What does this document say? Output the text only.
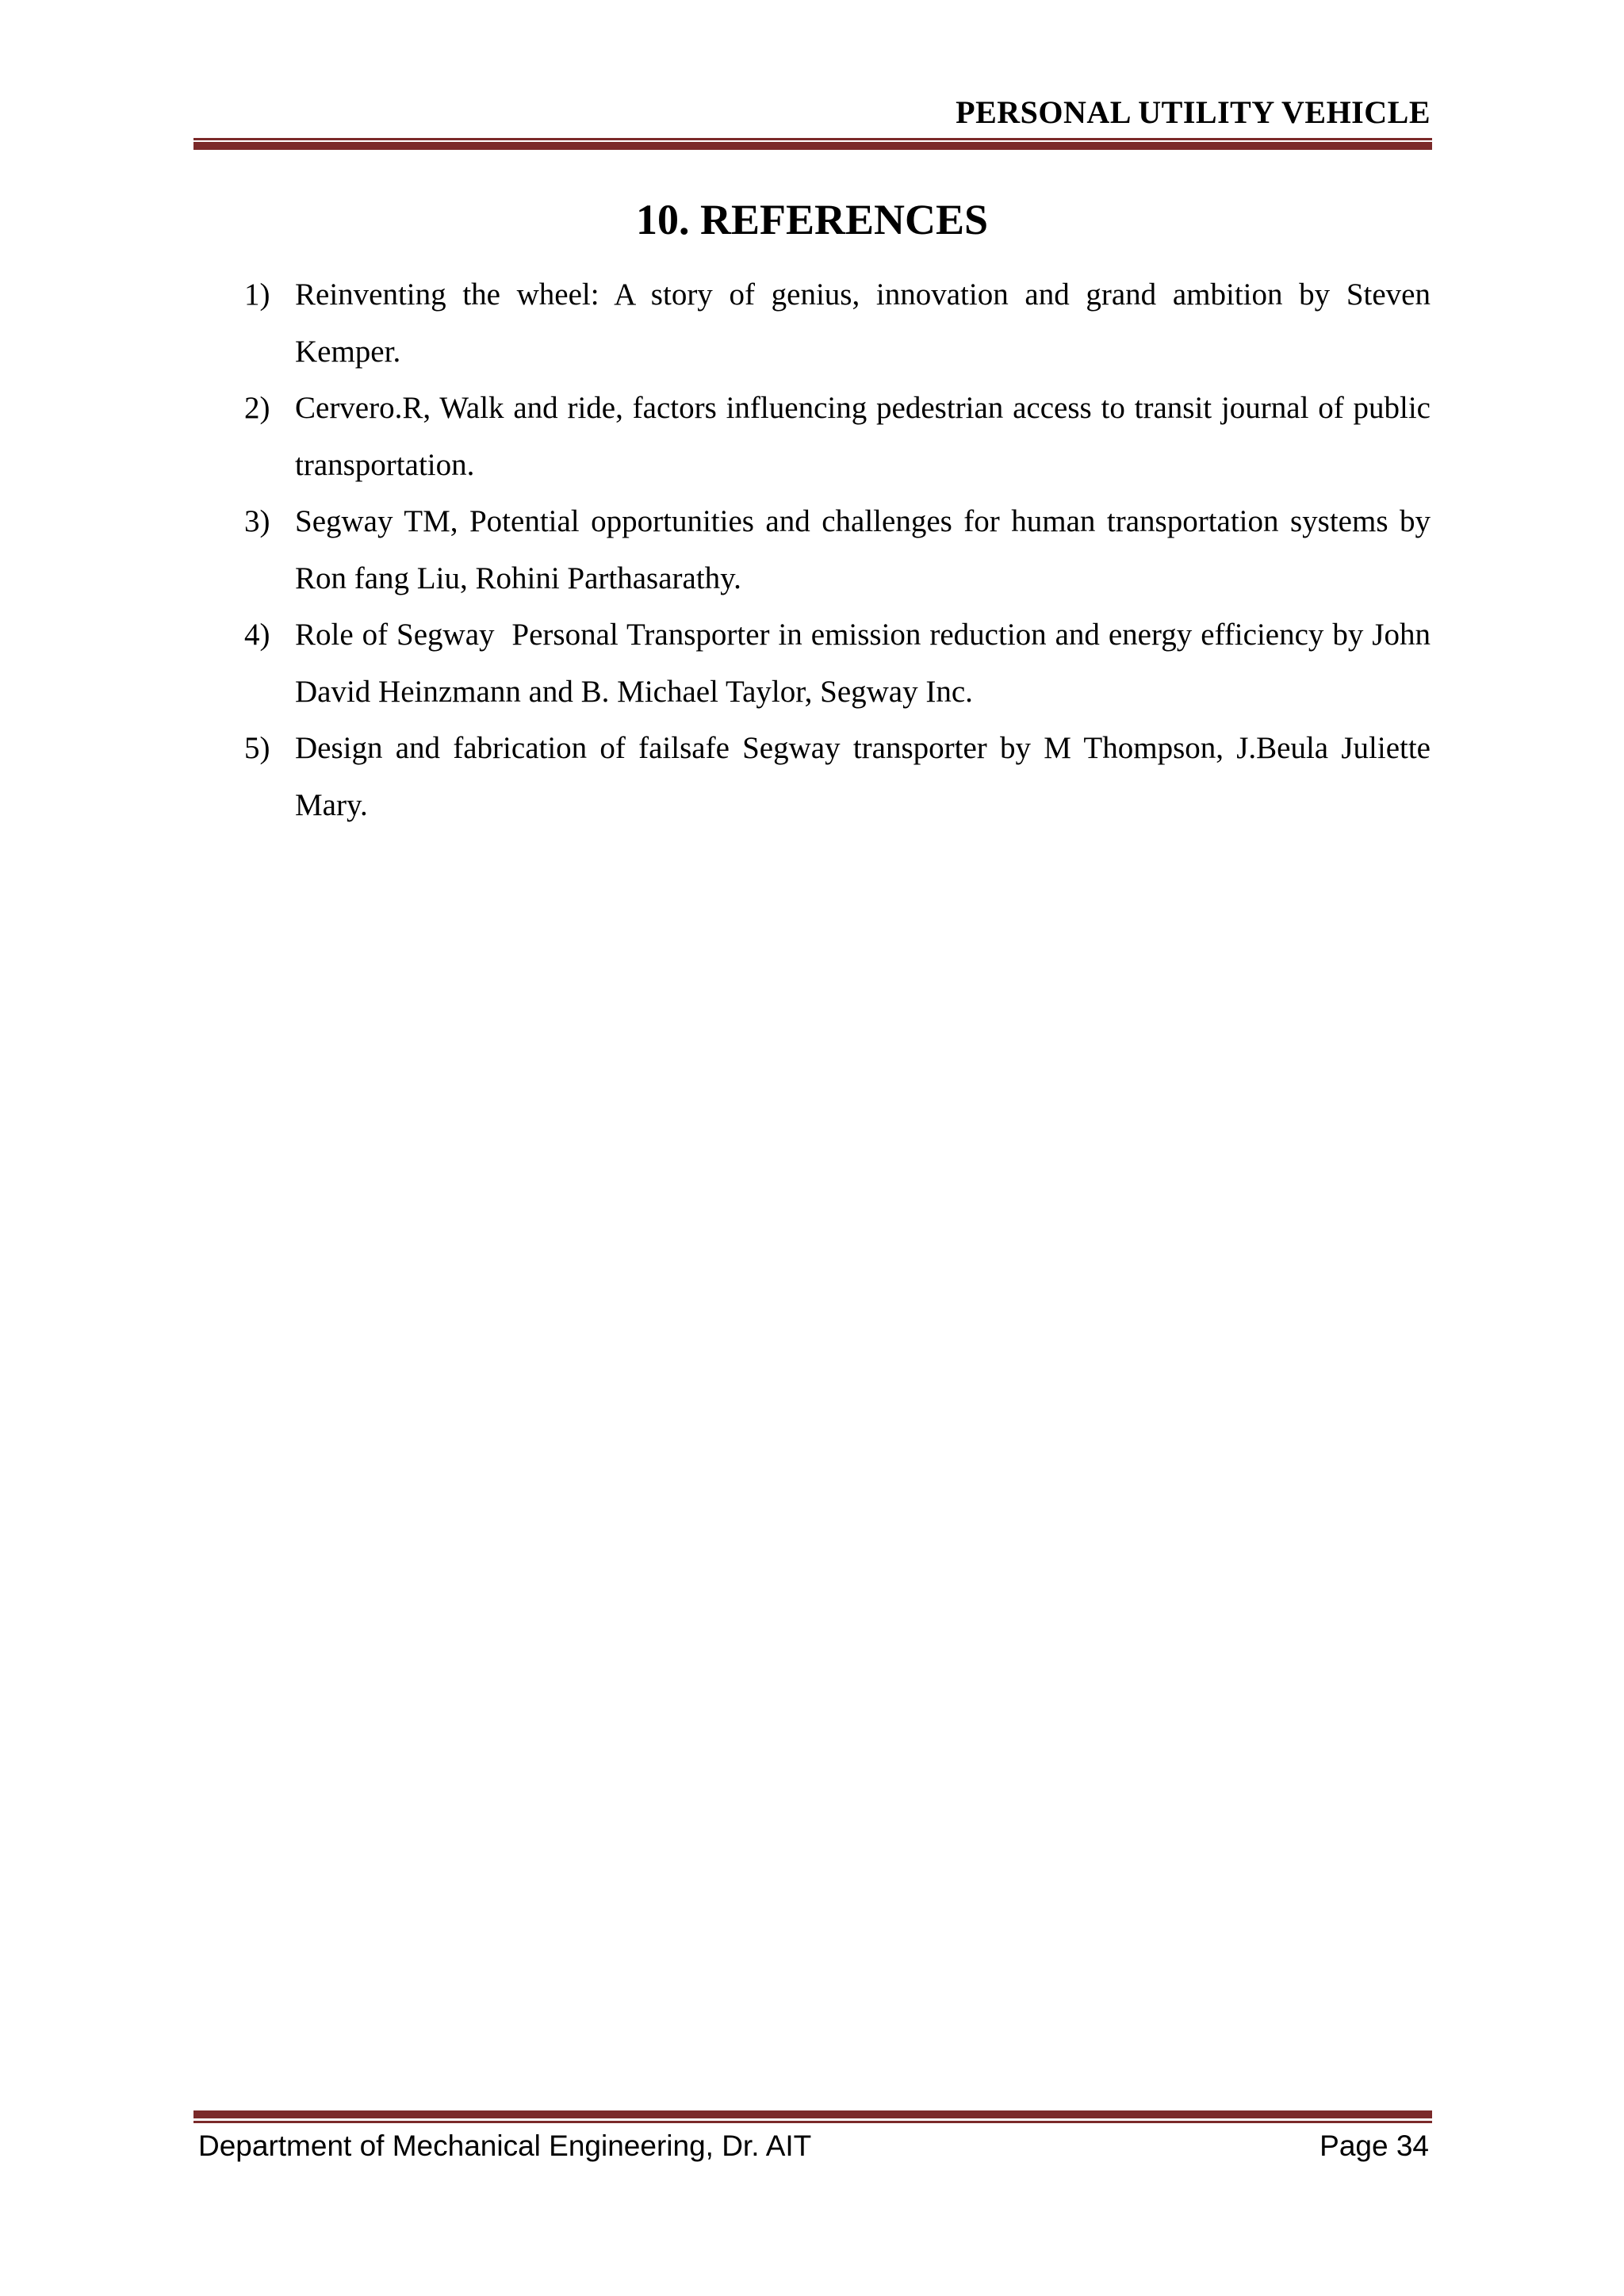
PERSONAL UTILITY VEHICLE
10. REFERENCES
1) Reinventing the wheel: A story of genius, innovation and grand ambition by Steven Kemper.
2) Cervero.R, Walk and ride, factors influencing pedestrian access to transit journal of public transportation.
3) Segway TM, Potential opportunities and challenges for human transportation systems by Ron fang Liu, Rohini Parthasarathy.
4) Role of Segway  Personal Transporter in emission reduction and energy efficiency by John David Heinzmann and B. Michael Taylor, Segway Inc.
5) Design and fabrication of failsafe Segway transporter by M Thompson, J.Beula Juliette Mary.
Department of Mechanical Engineering, Dr. AIT	Page 34
